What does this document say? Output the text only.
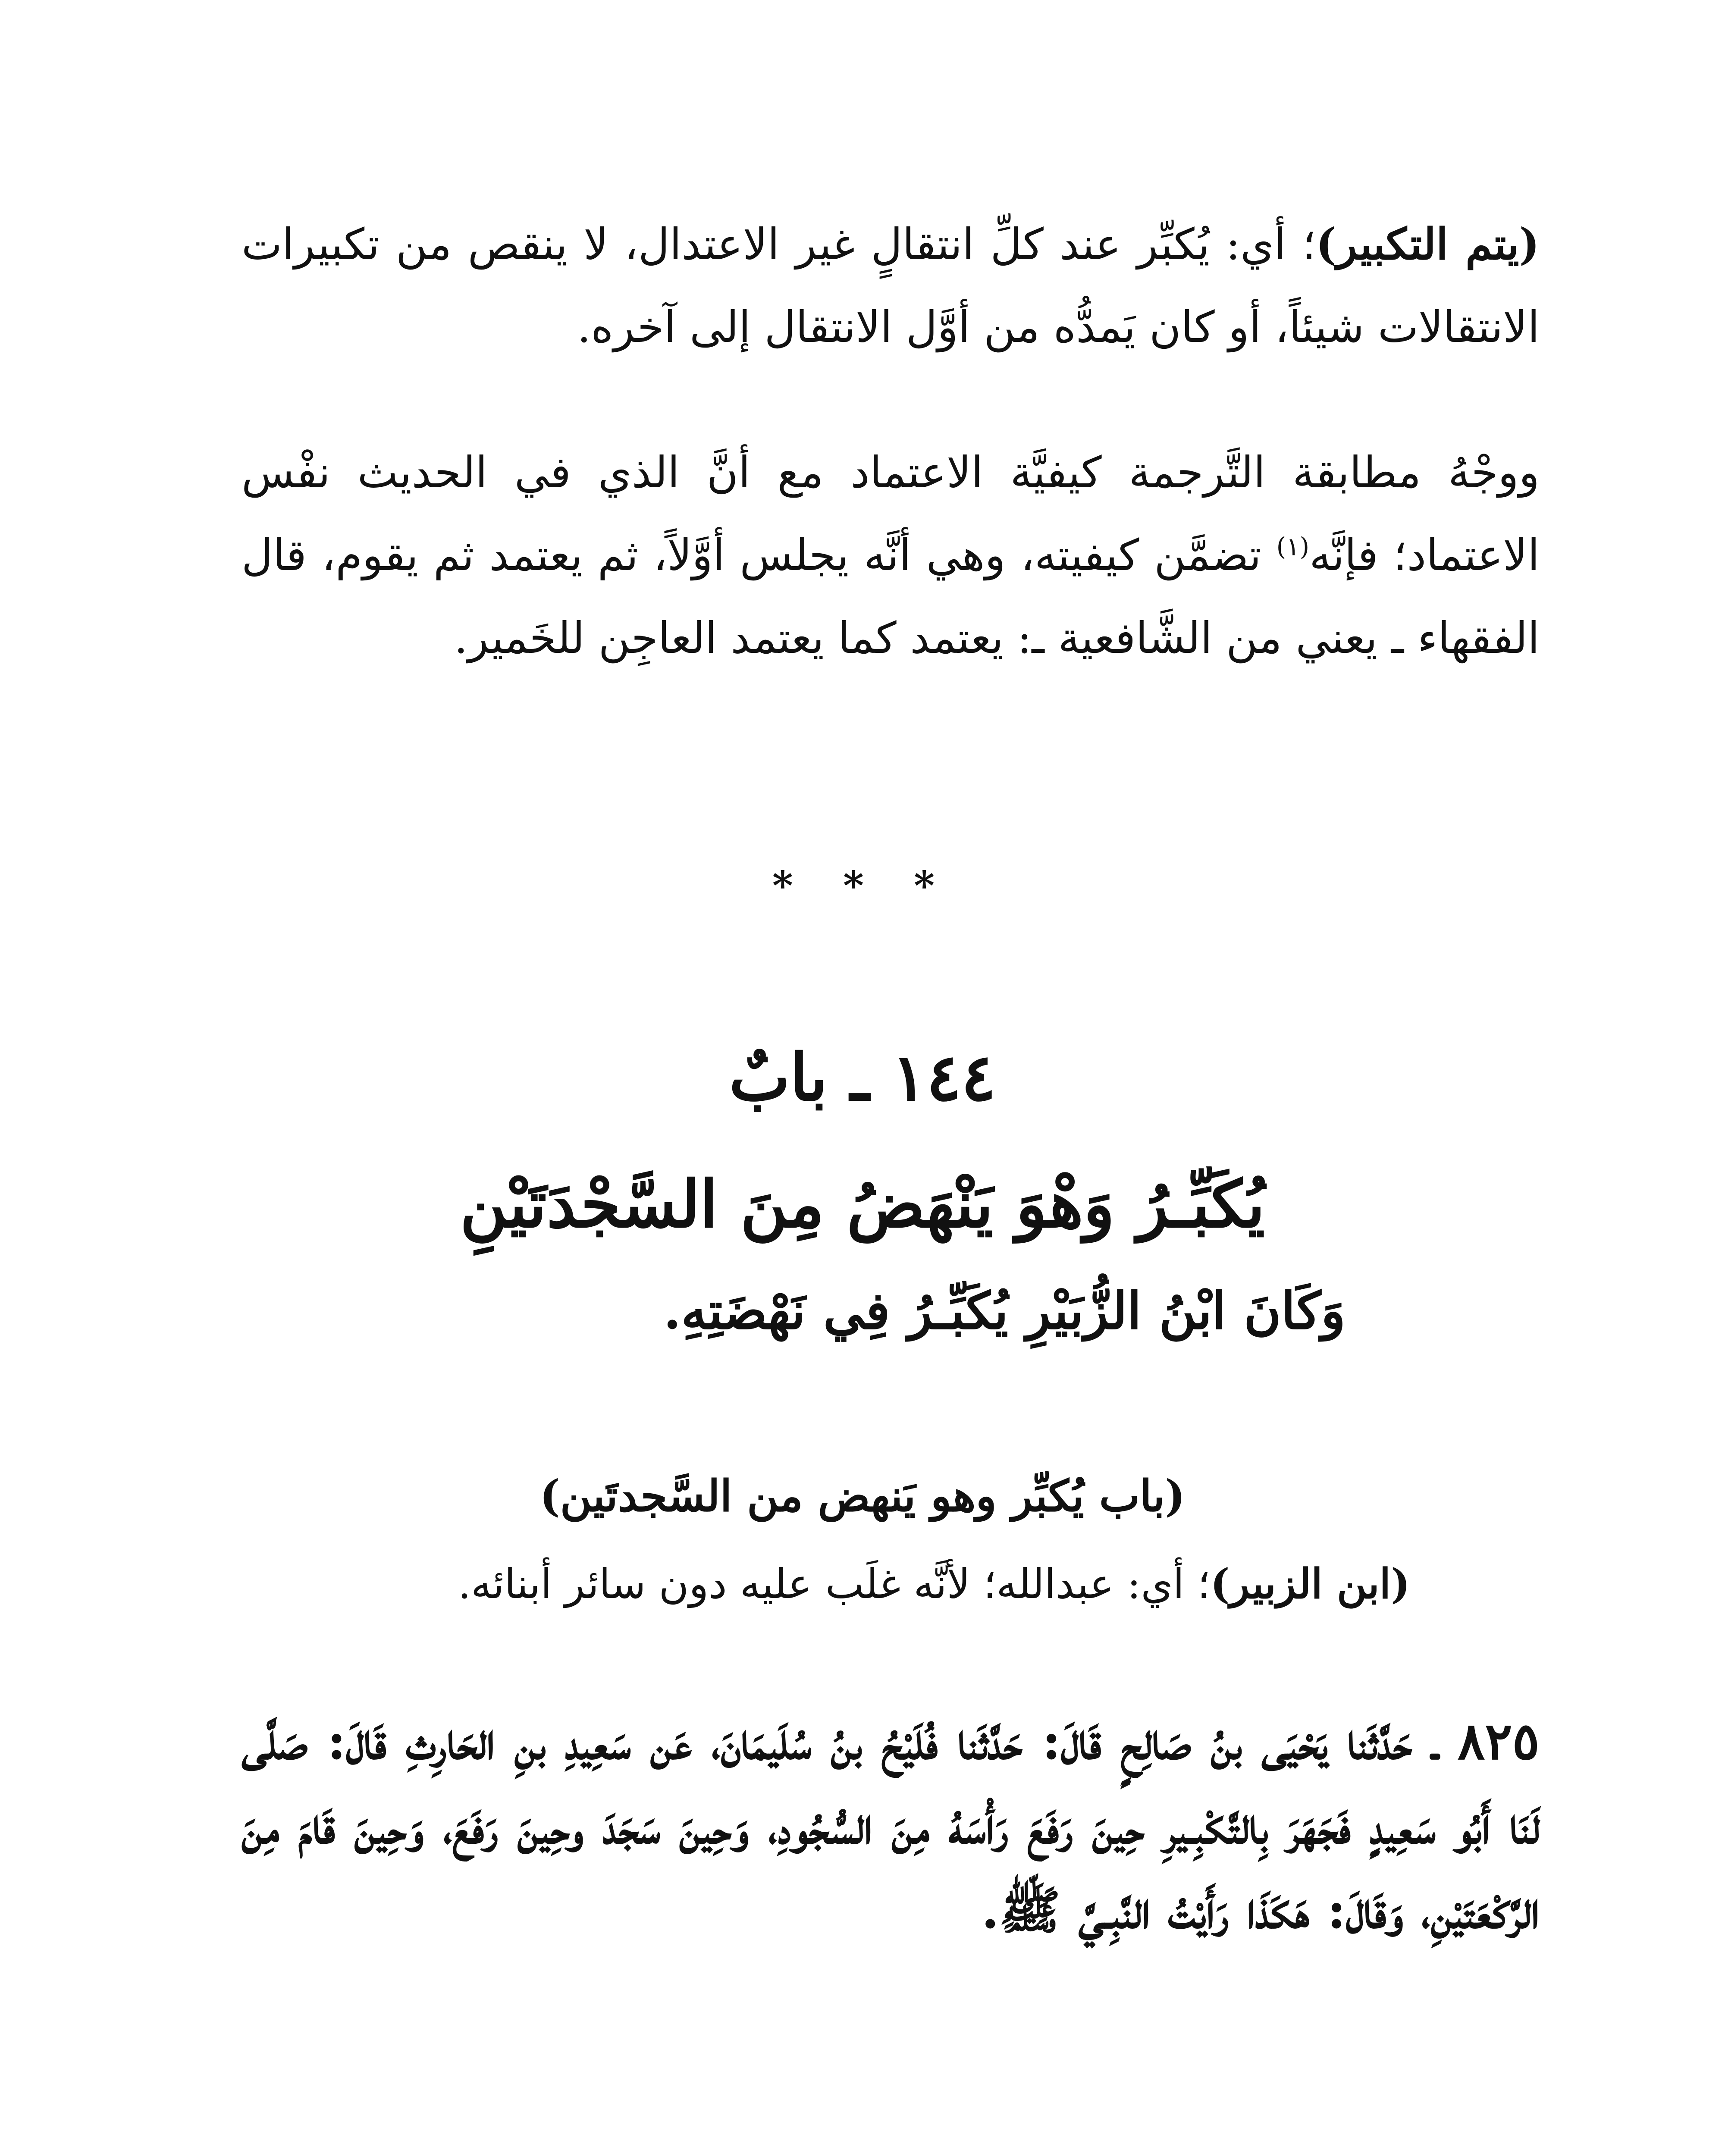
(يتم التكبير)؛ أي: يُكبِّر عند كلِّ انتقالٍ غير الاعتدال، لا ينقص من تكبيرات الانتقالات شيئاً، أو كان يَمدُّه من أوَّل الانتقال إلى آخره.

ووجْهُ مطابقة التَّرجمة كيفيَّة الاعتماد مع أنَّ الذي في الحديث نفْس الاعتماد؛ فإنَّه$^{(١)}$ تضمَّن كيفيته، وهي أنَّه يجلس أوَّلاً، ثم يعتمد ثم يقوم، قال الفقهاء ـ يعني من الشَّافعية ـ: يعتمد كما يعتمد العاجِن للخَمير.

* * *
١٤٤ ـ بابٌ
يُكَبِّـرُ وَهْوَ يَنْهَضُ مِنَ السَّجْدَتَيْنِ
وَكَانَ ابْنُ الزُّبَيْرِ يُكَبِّـرُ فِي نَهْضَتِهِ.
(باب يُكبِّر وهو يَنهض من السَّجدتَين)
(ابن الزبير)؛ أي: عبدالله؛ لأنَّه غلَب عليه دون سائر أبنائه.

٨٢٥ ـ حَدَّثَنا يَحْيَى بنُ صَالِحٍ قَالَ: حَدَّثَنا فُلَيْحُ بنُ سُلَيمَانَ، عَن سَعِيدِ بنِ الحَارِثِ قَالَ: صَلَّى لَنَا أَبُو سَعِيدٍ فَجَهَرَ بِالتَّكْبِـيرِ حِينَ رَفَعَ رَأْسَهُ مِنَ السُّجُودِ، وَحِينَ سَجَدَ وحِينَ رَفَعَ، وَحِينَ قَامَ مِنَ الرَّكْعَتَيْنِ، وَقَالَ: هَكَذَا رَأَيْتُ النَّبِـيَّ ﷺ.
